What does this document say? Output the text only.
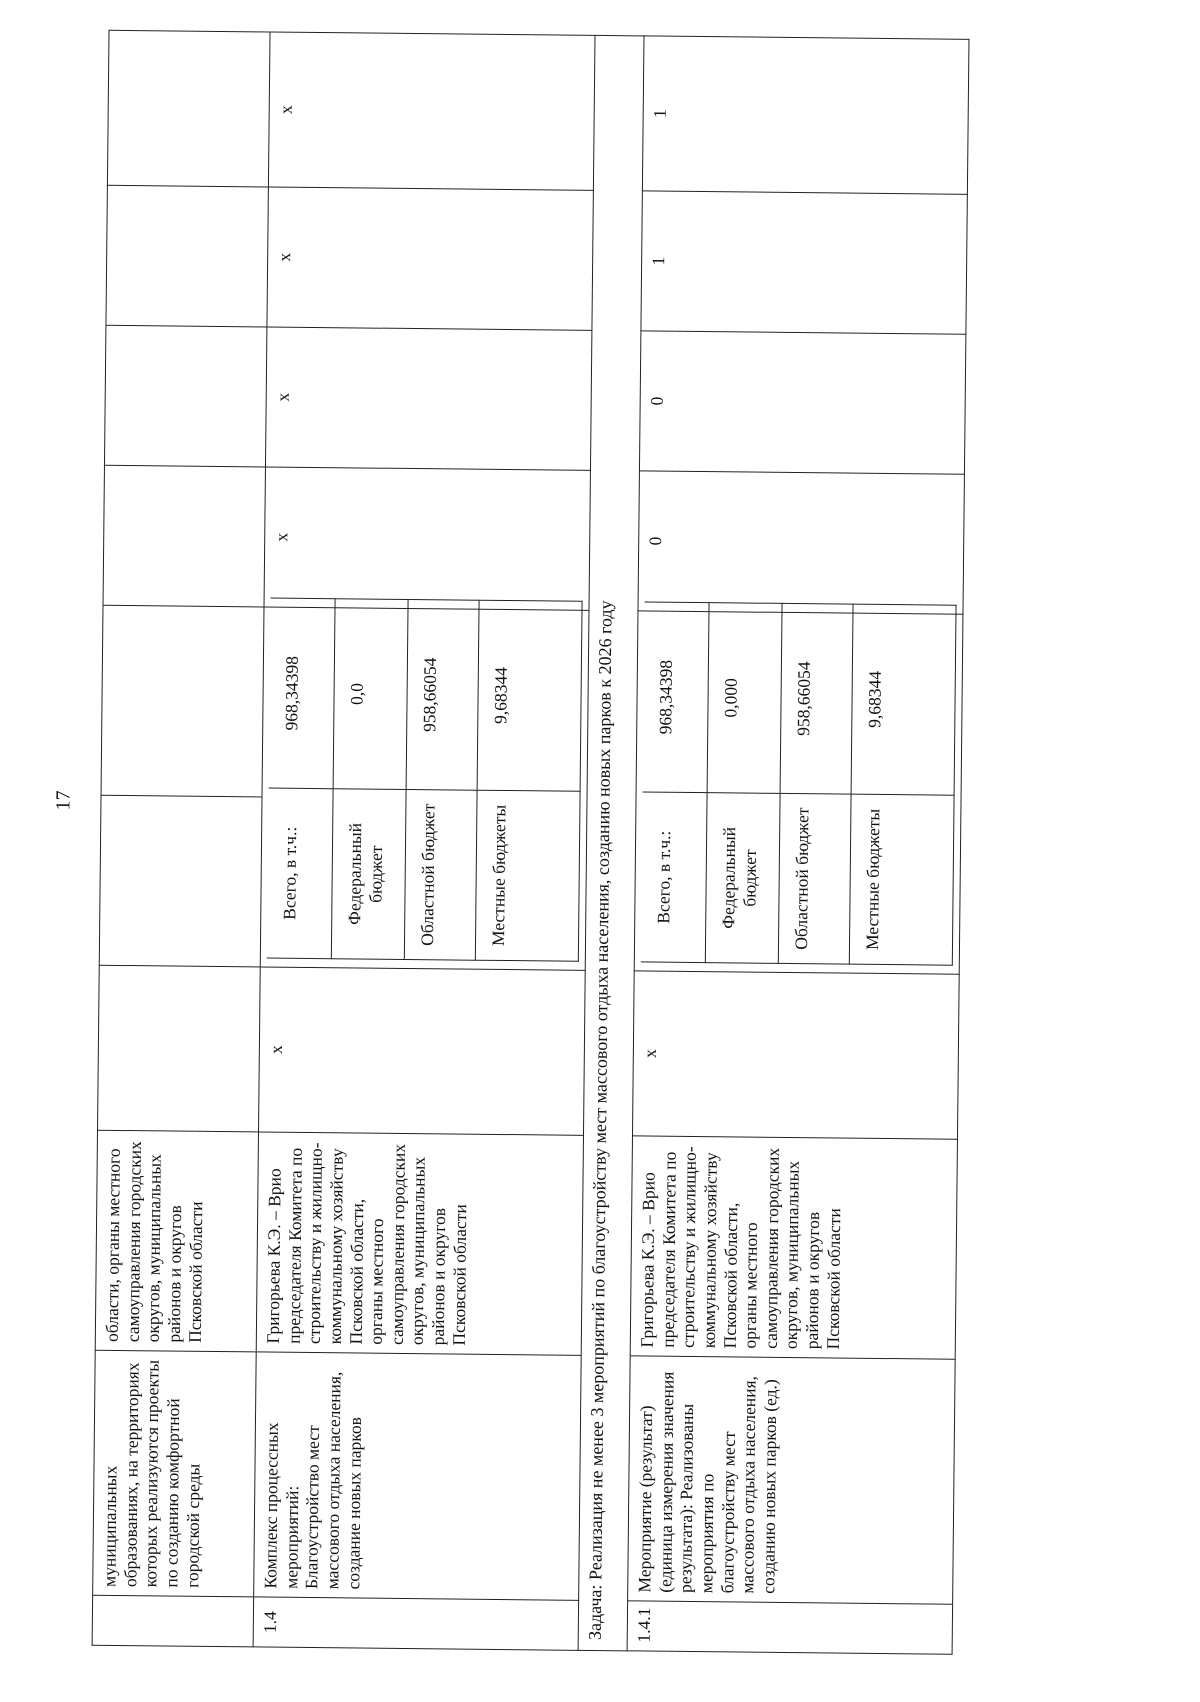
17
	муниципальных образованиях, на территориях которых реализуются проекты по созданию комфортной городской среды	области, органы местного самоуправления городских округов, муниципальных районов и округов Псковской области							
1.4	Комплекс процессных мероприятий: Благоустройство мест массового отдыха населения, создание новых парков	Григорьева К.Э. – Врио председателя Комитета по строительству и жилищно-коммунальному хозяйству Псковской области, органы местного самоуправления городских округов, муниципальных районов и округов Псковской области	x	
Всего, в т.ч.:	968,34398
Федеральный бюджет	0,0
Областной бюджет	958,66054
Местные бюджеты	9,68344
	x	x	x	x
Задача: Реализация не менее 3 мероприятий по благоустройству мест массового отдыха населения, созданию новых парков к 2026 году
1.4.1	Мероприятие (результат) (единица измерения значения результата): Реализованы мероприятия по благоустройству мест массового отдыха населения, созданию новых парков (ед.)	Григорьева К.Э. – Врио председателя Комитета по строительству и жилищно-коммунальному хозяйству Псковской области, органы местного самоуправления городских округов, муниципальных районов и округов Псковской области	x	
Всего, в т.ч.:	968,34398
Федеральный бюджет	0,000
Областной бюджет	958,66054
Местные бюджеты	9,68344
	0	0	1	1
